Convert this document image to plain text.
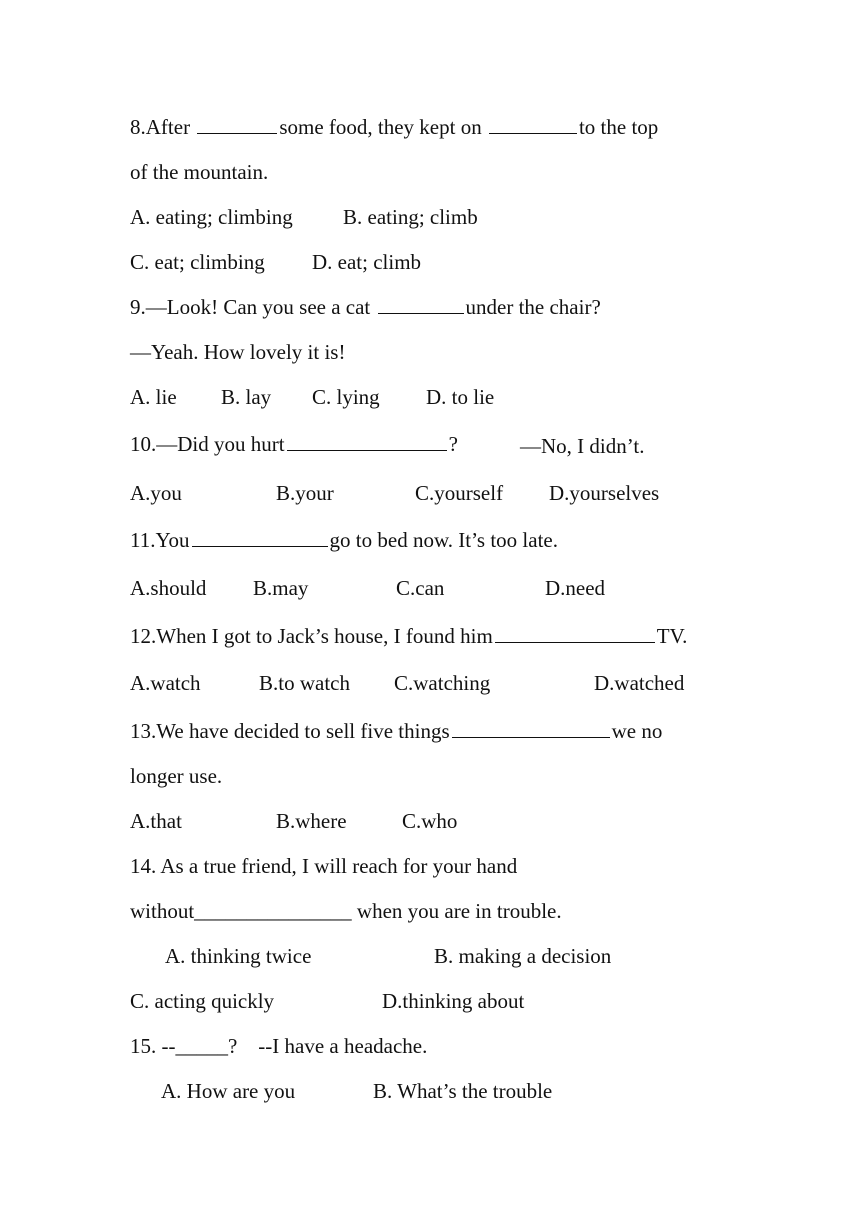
8.After	some food, they kept on	to the top
of the mountain.
A. eating; climbing B. eating; climb
C. eat; climbing D. eat; climb
9.—Look! Can you see a cat	under the chair?
—Yeah. How lovely it is!
A. lie B. lay C. lying D. to lie
10.—Did you hurt	?	—No, I didn’t.
A.you	B.your	C.yourself D.yourselves
11.You	go to bed now. It’s too late.
A.should B.may	C.can	D.need
12.When I got to Jack’s house, I found him	TV.
A.watch	B.to watch C.watching	D.watched
13.We have decided to sell five things	we no
longer use.
A.that	B.where	C.who
14. As a true friend, I will reach for your hand
without_______________ when you are in trouble.
A. thinking twice	B. making a decision
C. acting quickly	D.thinking about
15. --_____?    --I have a headache.
A. How are you	B. What’s the trouble
